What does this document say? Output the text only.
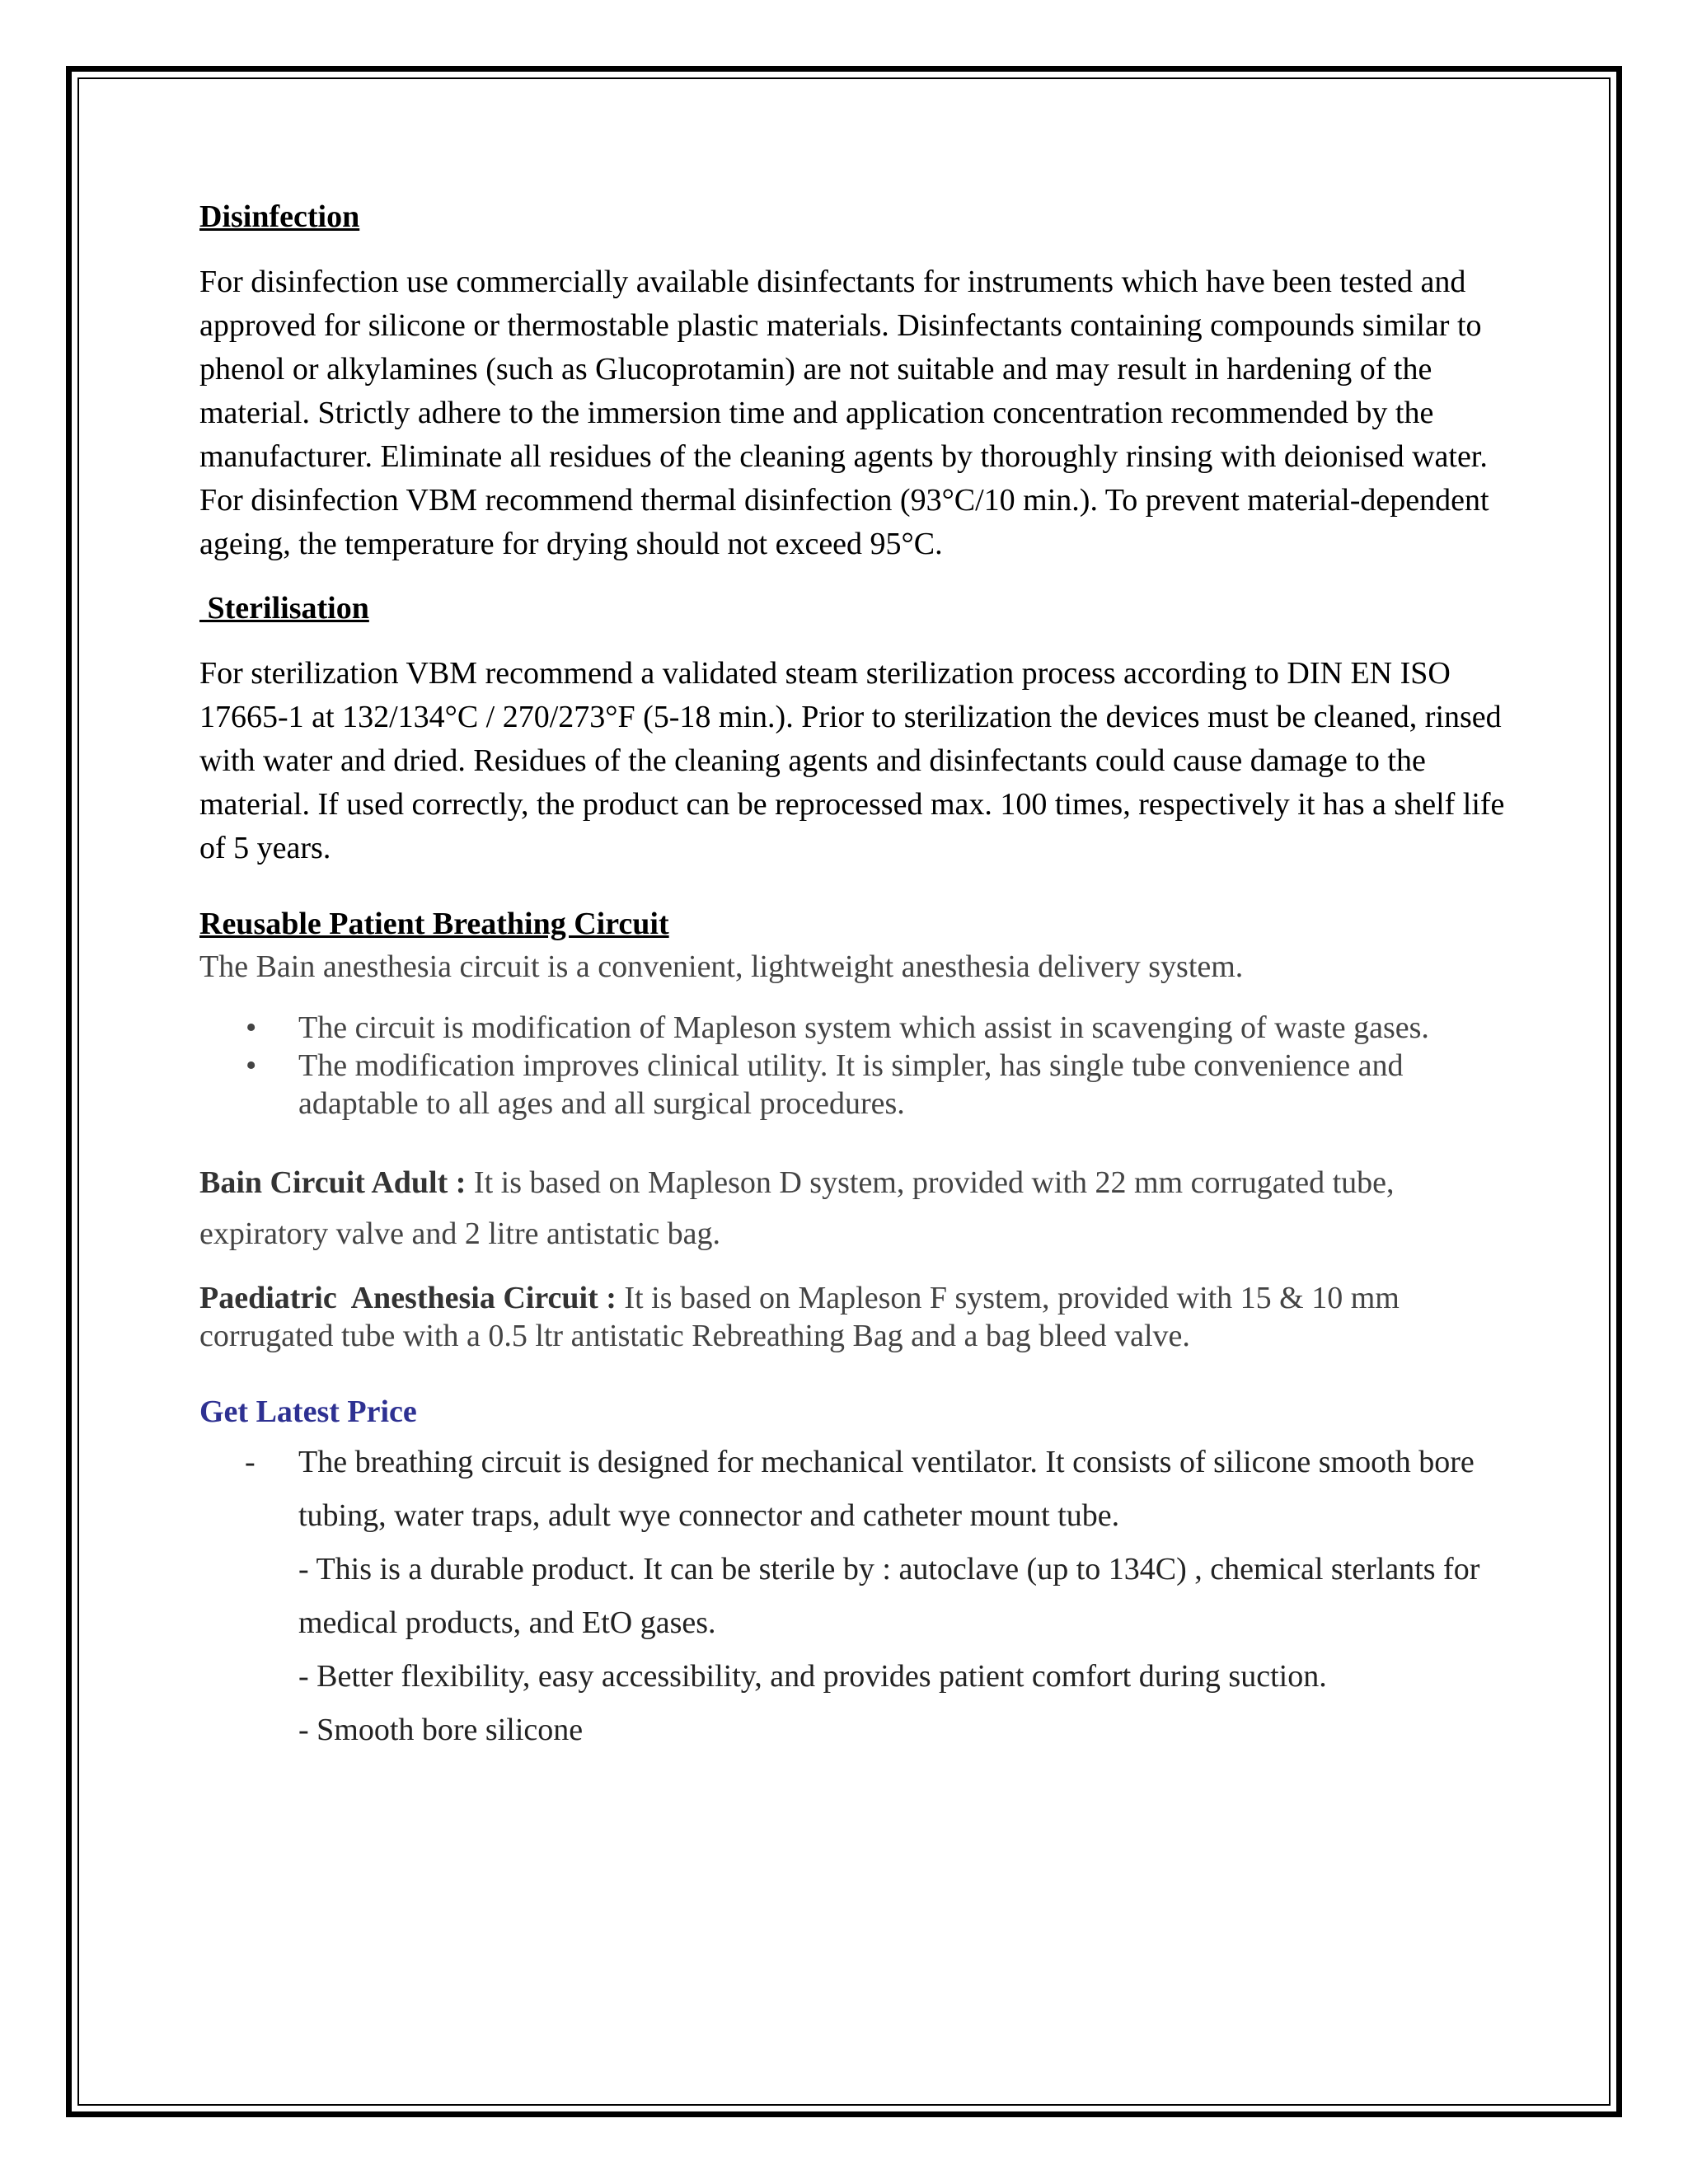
Disinfection

For disinfection use commercially available disinfectants for instruments which have been tested and approved for silicone or thermostable plastic materials. Disinfectants containing compounds similar to phenol or alkylamines (such as Glucoprotamin) are not suitable and may result in hardening of the material. Strictly adhere to the immersion time and application concentration recommended by the manufacturer. Eliminate all residues of the cleaning agents by thoroughly rinsing with deionised water. For disinfection VBM recommend thermal disinfection (93°C/10 min.). To prevent material-dependent ageing, the temperature for drying should not exceed 95°C.

Sterilisation

For sterilization VBM recommend a validated steam sterilization process according to DIN EN ISO 17665-1 at 132/134°C / 270/273°F (5-18 min.). Prior to sterilization the devices must be cleaned, rinsed with water and dried. Residues of the cleaning agents and disinfectants could cause damage to the material. If used correctly, the product can be reprocessed max. 100 times, respectively it has a shelf life of 5 years.

Reusable Patient Breathing Circuit

The Bain anesthesia circuit is a convenient, lightweight anesthesia delivery system.

• The circuit is modification of Mapleson system which assist in scavenging of waste gases.
• The modification improves clinical utility. It is simpler, has single tube convenience and adaptable to all ages and all surgical procedures.

Bain Circuit Adult : It is based on Mapleson D system, provided with 22 mm corrugated tube, expiratory valve and 2 litre antistatic bag.

Paediatric  Anesthesia Circuit : It is based on Mapleson F system, provided with 15 & 10 mm corrugated tube with a 0.5 ltr antistatic Rebreathing Bag and a bag bleed valve.

Get Latest Price
- The breathing circuit is designed for mechanical ventilator. It consists of silicone smooth bore tubing, water traps, adult wye connector and catheter mount tube.

- This is a durable product. It can be sterile by : autoclave (up to 134C) , chemical sterlants for medical products, and EtO gases.

- Better flexibility, easy accessibility, and provides patient comfort during suction.

- Smooth bore silicone
